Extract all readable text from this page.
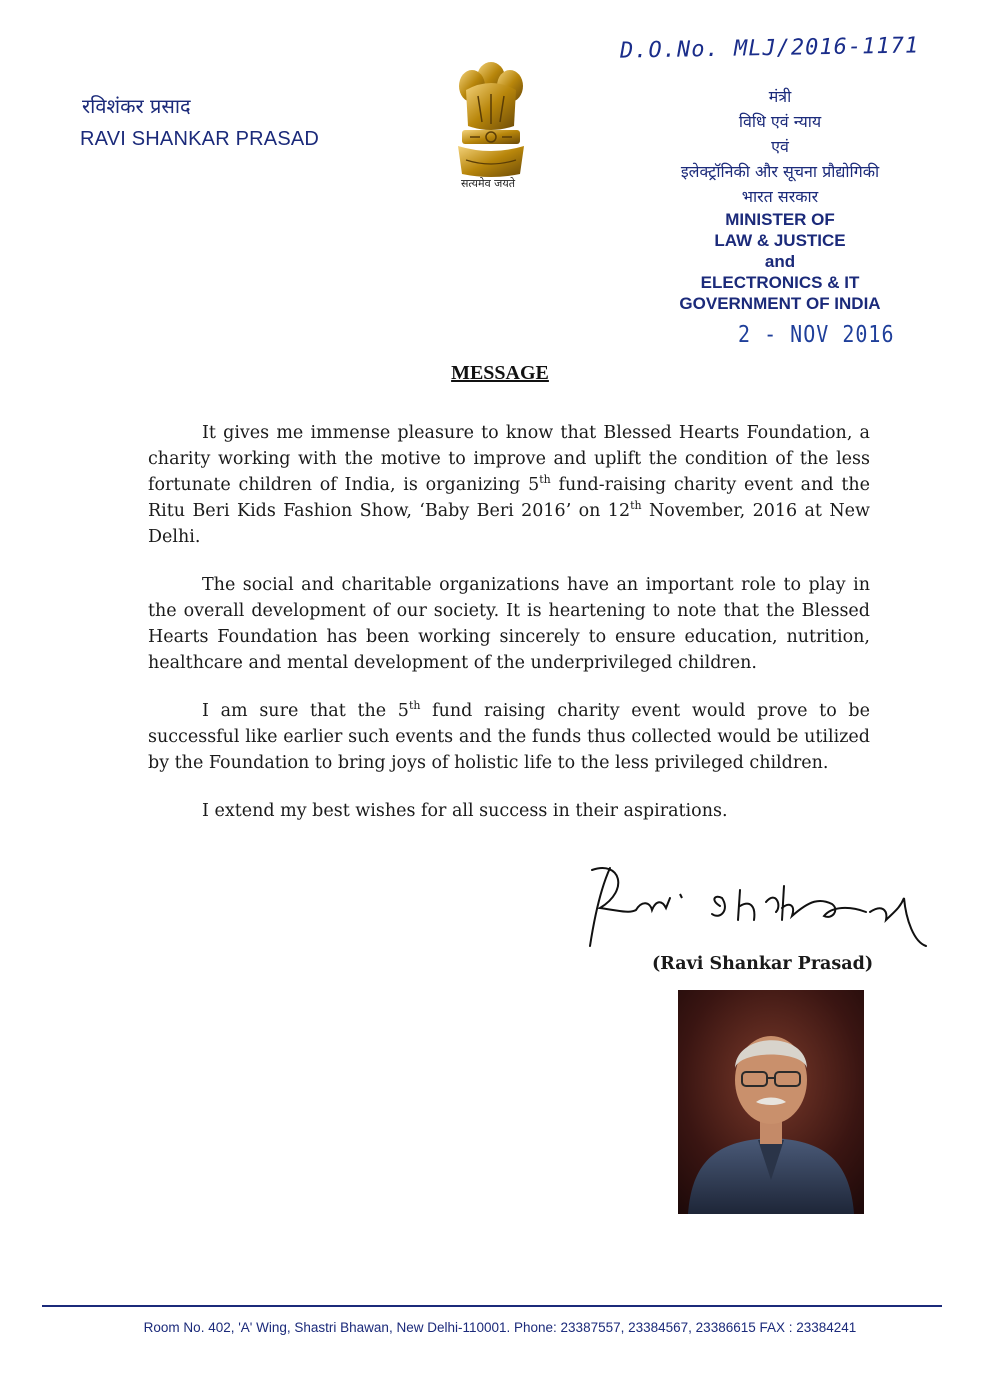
रविशंकर प्रसाद
RAVI SHANKAR PRASAD
सत्यमेव जयते
D.O.No. MLJ/2016-1171
मंत्री
विधि एवं न्याय
एवं
इलेक्ट्रॉनिकी और सूचना प्रौद्योगिकी
भारत सरकार
MINISTER OF
LAW & JUSTICE
and
ELECTRONICS & IT
GOVERNMENT OF INDIA
2 - NOV 2016
MESSAGE

It gives me immense pleasure to know that Blessed Hearts Foundation, a charity working with the motive to improve and uplift the condition of the less fortunate children of India, is organizing 5th fund-raising charity event and the Ritu Beri Kids Fashion Show, ‘Baby Beri 2016’ on 12th November, 2016 at New Delhi.

The social and charitable organizations have an important role to play in the overall development of our society. It is heartening to note that the Blessed Hearts Foundation has been working sincerely to ensure education, nutrition, healthcare and mental development of the underprivileged children.

I am sure that the 5th fund raising charity event would prove to be successful like earlier such events and the funds thus collected would be utilized by the Foundation to bring joys of holistic life to the less privileged children.

I extend my best wishes for all success in their aspirations.

(Ravi Shankar Prasad)
Room No. 402, 'A' Wing, Shastri Bhawan, New Delhi-110001. Phone: 23387557, 23384567, 23386615 FAX : 23384241
